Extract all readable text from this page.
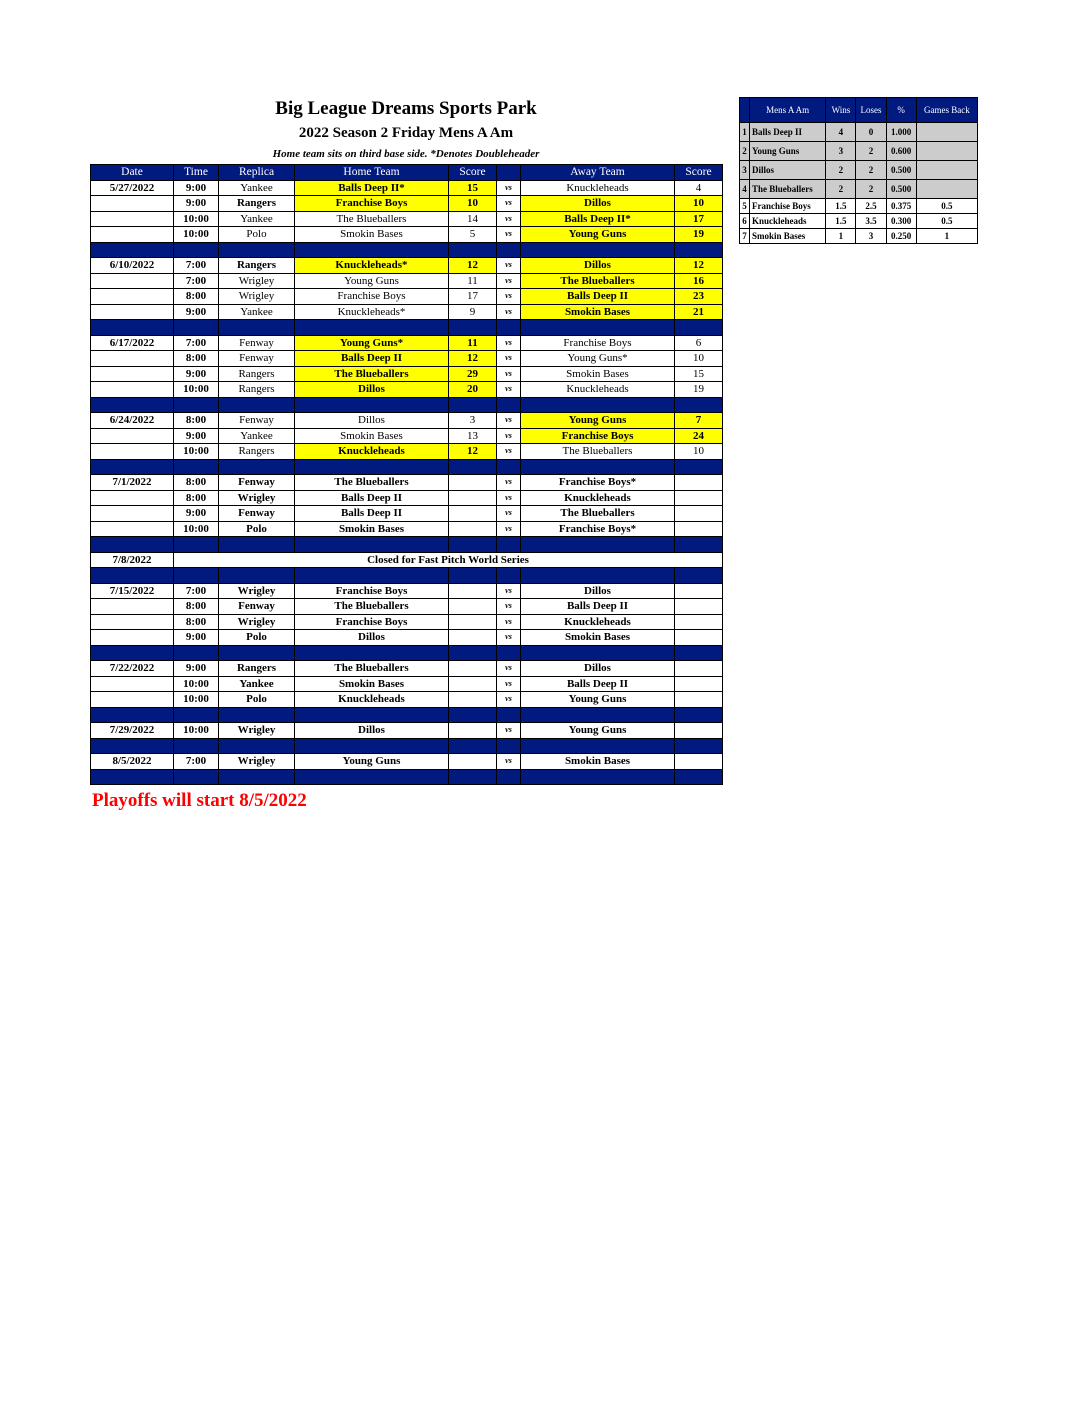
Big League Dreams Sports Park
2022 Season 2 Friday Mens A Am
Home team sits on third base side. *Denotes Doubleheader
Date	Time	Replica	Home Team	Score		Away Team	Score
5/27/2022	9:00	Yankee	Balls Deep II*	15	vs	Knuckleheads	4
	9:00	Rangers	Franchise Boys	10	vs	Dillos	10
	10:00	Yankee	The Blueballers	14	vs	Balls Deep II*	17
	10:00	Polo	Smokin Bases	5	vs	Young Guns	19

6/10/2022	7:00	Rangers	Knuckleheads*	12	vs	Dillos	12
	7:00	Wrigley	Young Guns	11	vs	The Blueballers	16
	8:00	Wrigley	Franchise Boys	17	vs	Balls Deep II	23
	9:00	Yankee	Knuckleheads*	9	vs	Smokin Bases	21

6/17/2022	7:00	Fenway	Young Guns*	11	vs	Franchise Boys	6
	8:00	Fenway	Balls Deep II	12	vs	Young Guns*	10
	9:00	Rangers	The Blueballers	29	vs	Smokin Bases	15
	10:00	Rangers	Dillos	20	vs	Knuckleheads	19

6/24/2022	8:00	Fenway	Dillos	3	vs	Young Guns	7
	9:00	Yankee	Smokin Bases	13	vs	Franchise Boys	24
	10:00	Rangers	Knuckleheads	12	vs	The Blueballers	10

7/1/2022	8:00	Fenway	The Blueballers		vs	Franchise Boys*	
	8:00	Wrigley	Balls Deep II		vs	Knuckleheads	
	9:00	Fenway	Balls Deep II		vs	The Blueballers	
	10:00	Polo	Smokin Bases		vs	Franchise Boys*	

7/8/2022	Closed for Fast Pitch World Series						

7/15/2022	7:00	Wrigley	Franchise Boys		vs	Dillos	
	8:00	Fenway	The Blueballers		vs	Balls Deep II	
	8:00	Wrigley	Franchise Boys		vs	Knuckleheads	
	9:00	Polo	Dillos		vs	Smokin Bases	

7/22/2022	9:00	Rangers	The Blueballers		vs	Dillos	
	10:00	Yankee	Smokin Bases		vs	Balls Deep II	
	10:00	Polo	Knuckleheads		vs	Young Guns	

7/29/2022	10:00	Wrigley	Dillos		vs	Young Guns	

8/5/2022	7:00	Wrigley	Young Guns		vs	Smokin Bases	

	Mens A Am	Wins	Loses	%	Games Back
1	Balls Deep II	4	0	1.000	
2	Young Guns	3	2	0.600	
3	Dillos	2	2	0.500	
4	The Blueballers	2	2	0.500	
5	Franchise Boys	1.5	2.5	0.375	0.5
6	Knuckleheads	1.5	3.5	0.300	0.5
7	Smokin Bases	1	3	0.250	1
Playoffs will start 8/5/2022
